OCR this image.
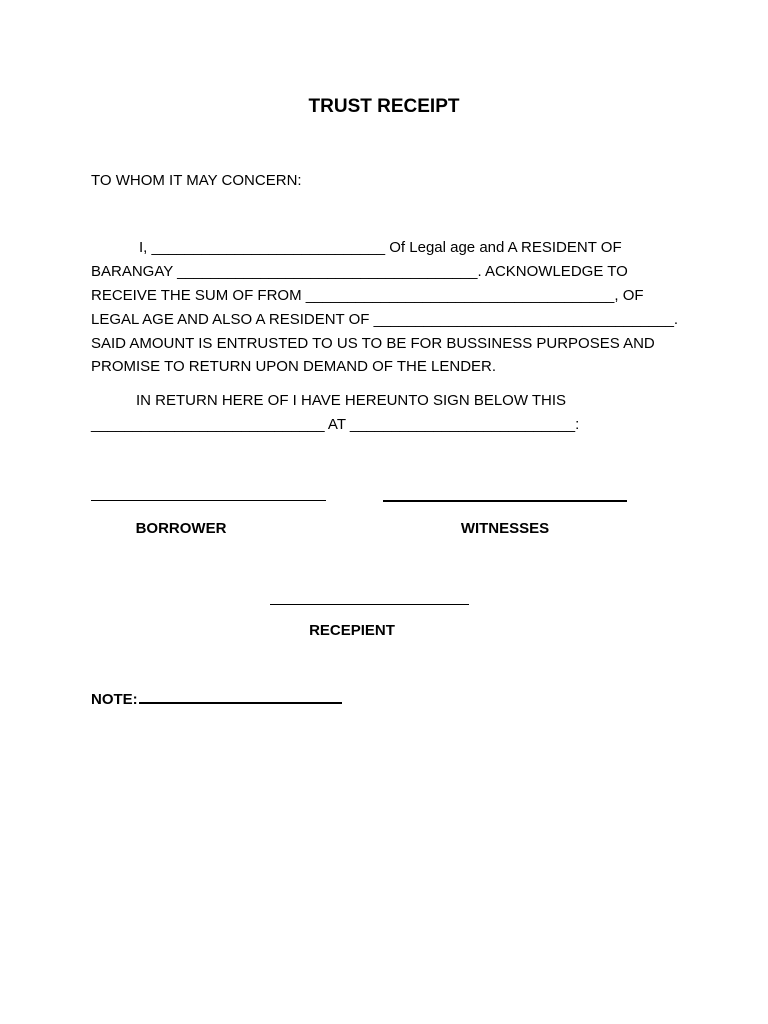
TRUST RECEIPT
TO WHOM IT MAY CONCERN:
I, ____________________________ Of Legal age and A RESIDENT OF
BARANGAY ____________________________________. ACKNOWLEDGE TO
RECEIVE THE SUM OF FROM _____________________________________, OF
LEGAL AGE AND ALSO A RESIDENT OF ____________________________________.
SAID AMOUNT IS ENTRUSTED TO US TO BE FOR BUSSINESS PURPOSES AND
PROMISE TO RETURN UPON DEMAND OF THE LENDER.
IN RETURN HERE OF I HAVE HEREUNTO SIGN BELOW THIS
____________________________ AT ___________________________:
BORROWER	WITNESSES
RECEPIENT
NOTE:
